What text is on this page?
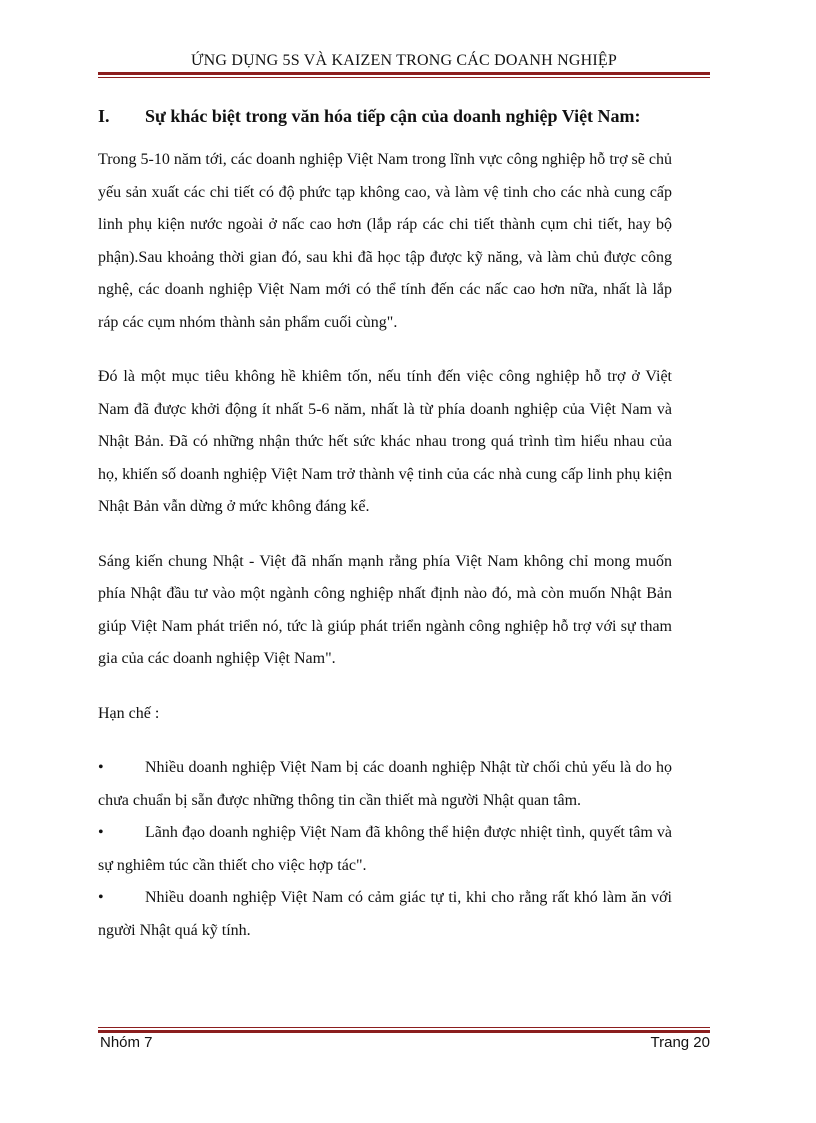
ỨNG DỤNG 5S VÀ KAIZEN TRONG CÁC DOANH NGHIỆP
I.	Sự khác biệt trong văn hóa tiếp cận của doanh nghiệp Việt Nam:

Trong 5-10 năm tới, các doanh nghiệp Việt Nam trong lĩnh vực công nghiệp hỗ trợ sẽ chủ yếu sản xuất các chi tiết có độ phức tạp không cao, và làm vệ tinh cho các nhà cung cấp linh phụ kiện nước ngoài ở nấc cao hơn (lắp ráp các chi tiết thành cụm chi tiết, hay bộ phận).Sau khoảng thời gian đó, sau khi đã học tập được kỹ năng, và làm chủ được công nghệ, các doanh nghiệp Việt Nam mới có thể tính đến các nấc cao hơn nữa, nhất là lắp ráp các cụm nhóm thành sản phẩm cuối cùng".

Đó là một mục tiêu không hề khiêm tốn, nếu tính đến việc công nghiệp hỗ trợ ở Việt Nam đã được khởi động ít nhất 5-6 năm, nhất là từ phía doanh nghiệp của Việt Nam và Nhật Bản. Đã có những nhận thức hết sức khác nhau trong quá trình tìm hiểu nhau của họ, khiến số doanh nghiệp Việt Nam trở thành vệ tinh của các nhà cung cấp linh phụ kiện Nhật Bản vẫn dừng ở mức không đáng kể.

Sáng kiến chung Nhật - Việt đã nhấn mạnh rằng phía Việt Nam không chỉ mong muốn phía Nhật đầu tư vào một ngành công nghiệp nhất định nào đó, mà còn muốn Nhật Bản giúp Việt Nam phát triển nó, tức là giúp phát triển ngành công nghiệp hỗ trợ với sự tham gia của các doanh nghiệp Việt Nam".

Hạn chế :
•	Nhiều doanh nghiệp Việt Nam bị các doanh nghiệp Nhật từ chối chủ yếu là do họ chưa chuẩn bị sẵn được những thông tin cần thiết mà người Nhật quan tâm.
•	Lãnh đạo doanh nghiệp Việt Nam đã không thể hiện được nhiệt tình, quyết tâm và sự nghiêm túc cần thiết cho việc hợp tác".
•	Nhiều doanh nghiệp Việt Nam có cảm giác tự ti, khi cho rằng rất khó làm ăn với người Nhật quá kỹ tính.
Nhóm 7	Trang 20
